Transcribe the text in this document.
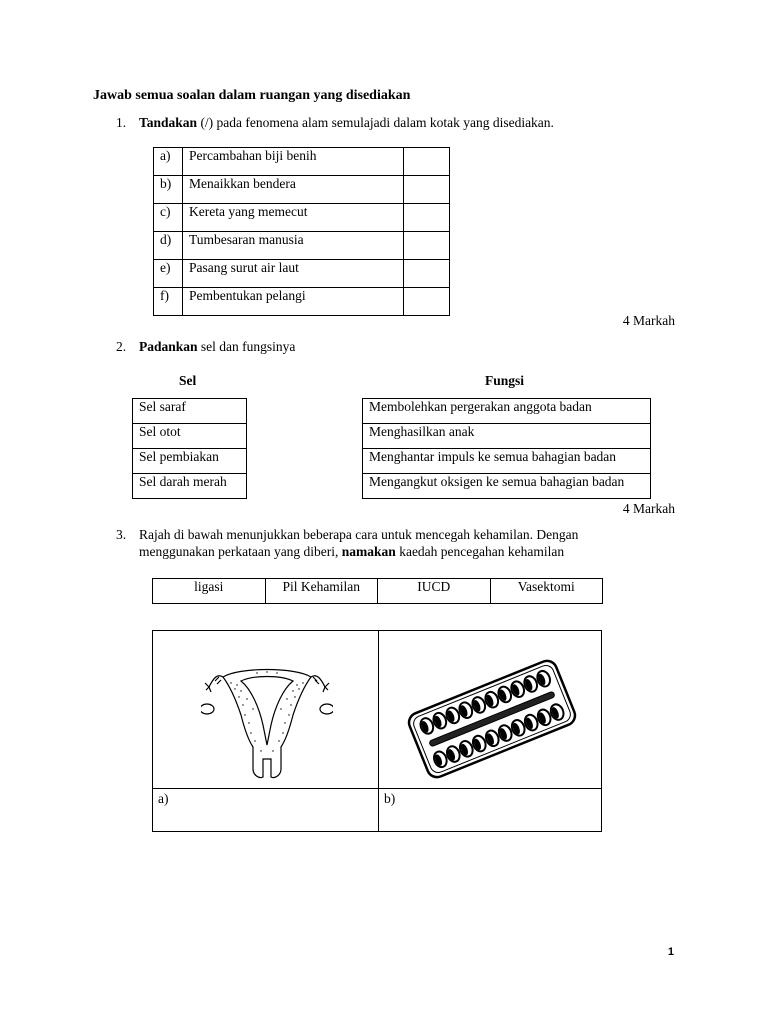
Jawab semua soalan dalam ruangan yang disediakan
1. Tandakan (/) pada fenomena alam semulajadi dalam kotak yang disediakan.
a)	Percambahan biji benih	
b)	Menaikkan bendera	
c)	Kereta yang memecut	
d)	Tumbesaran manusia	
e)	Pasang surut air laut	
f)	Pembentukan pelangi	
4 Markah
2. Padankan sel dan fungsinya
Sel	Fungsi
Sel saraf
Sel otot
Sel pembiakan
Sel darah merah
Membolehkan pergerakan anggota badan
Menghasilkan anak
Menghantar impuls ke semua bahagian badan
Mengangkut oksigen ke semua bahagian badan
4 Markah
3. Rajah di bawah menunjukkan beberapa cara untuk mencegah kehamilan. Dengan
menggunakan perkataan yang diberi, namakan kaedah pencegahan kehamilan
ligasi	Pil Kehamilan	IUCD	Vasektomi
a)	b)
1
